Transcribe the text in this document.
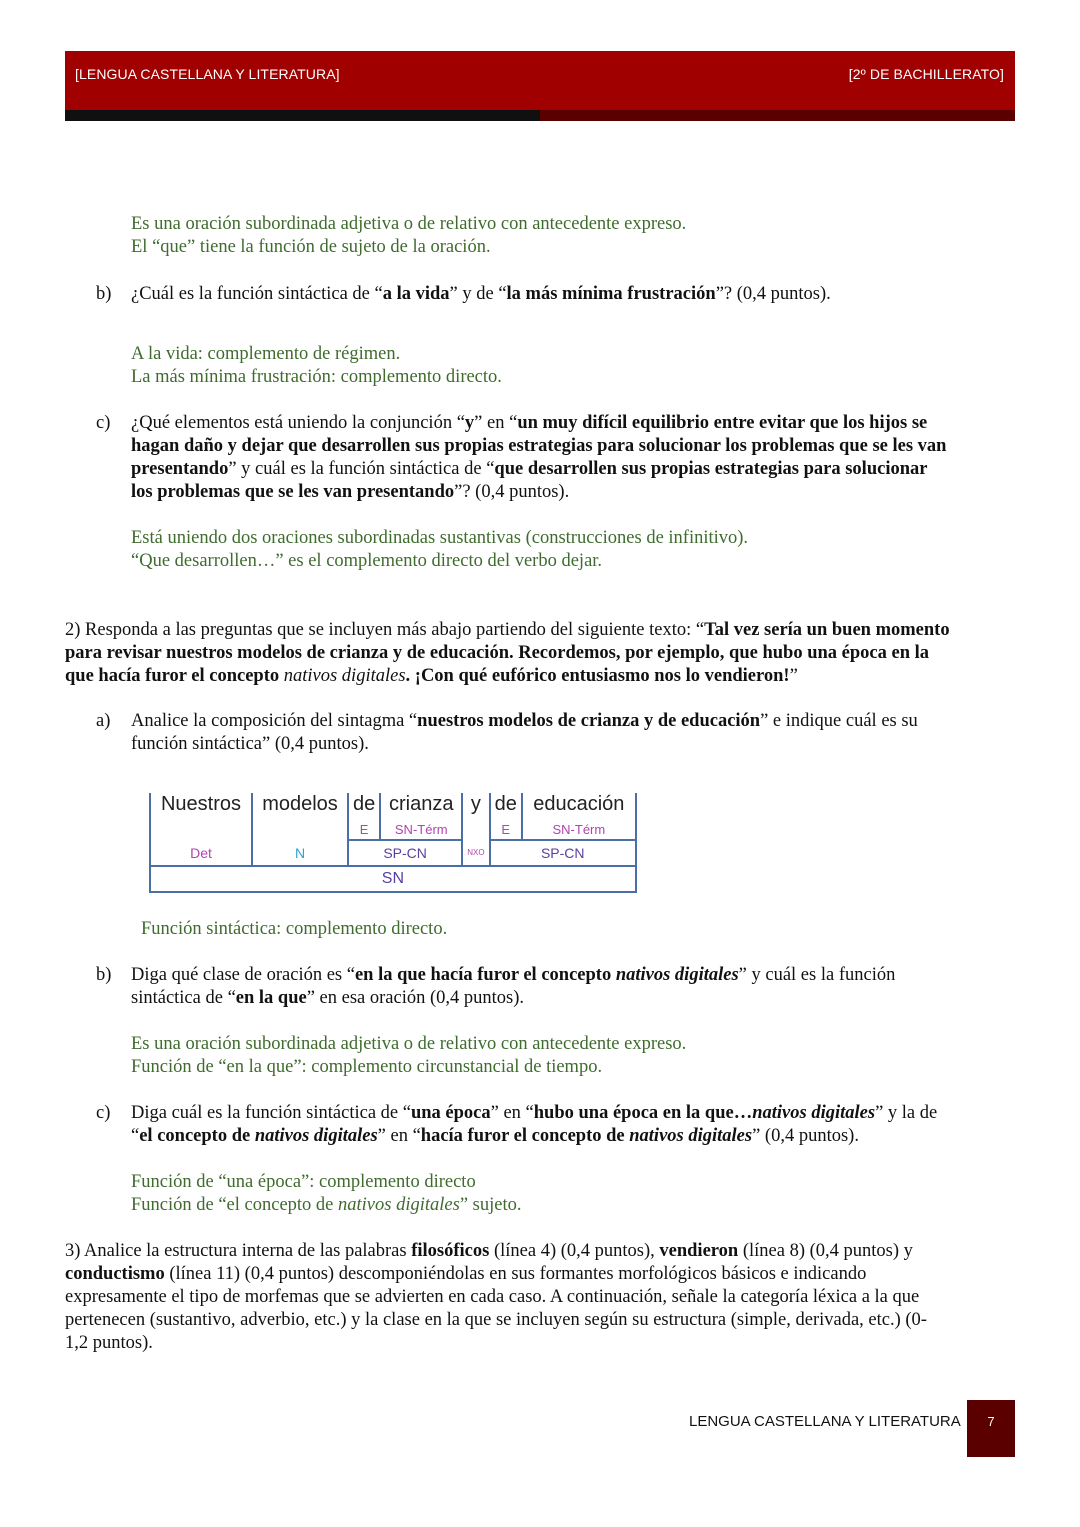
[LENGUA CASTELLANA Y LITERATURA]	[2º DE BACHILLERATO]
Es una oración subordinada adjetiva o de relativo con antecedente expreso.
El “que” tiene la función de sujeto de la oración.
b) ¿Cuál es la función sintáctica de “a la vida” y de “la más mínima frustración”? (0,4 puntos).
A la vida: complemento de régimen.
La más mínima frustración: complemento directo.
c) ¿Qué elementos está uniendo la conjunción “y” en “un muy difícil equilibrio entre evitar que los hijos se
hagan daño y dejar que desarrollen sus propias estrategias para solucionar los problemas que se les van
presentando” y cuál es la función sintáctica de “que desarrollen sus propias estrategias para solucionar
los problemas que se les van presentando”? (0,4 puntos).
Está uniendo dos oraciones subordinadas sustantivas (construcciones de infinitivo).
“Que desarrollen…” es el complemento directo del verbo dejar.
2) Responda a las preguntas que se incluyen más abajo partiendo del siguiente texto: “Tal vez sería un buen momento
para revisar nuestros modelos de crianza y de educación. Recordemos, por ejemplo, que hubo una época en la
que hacía furor el concepto nativos digitales. ¡Con qué eufórico entusiasmo nos lo vendieron!”
a) Analice la composición del sintagma “nuestros modelos de crianza y de educación” e indique cuál es su
función sintáctica” (0,4 puntos).
Nuestros	modelos	de	crianza	y	de	educación
		E	SN-Térm		E	SN-Térm
Det	N	SP-CN		NXO	SP-CN	
SN						
Función sintáctica: complemento directo.
b) Diga qué clase de oración es “en la que hacía furor el concepto nativos digitales” y cuál es la función
sintáctica de “en la que” en esa oración (0,4 puntos).
Es una oración subordinada adjetiva o de relativo con antecedente expreso.
Función de “en la que”: complemento circunstancial de tiempo.
c) Diga cuál es la función sintáctica de “una época” en “hubo una época en la que…nativos digitales” y la de
“el concepto de nativos digitales” en “hacía furor el concepto de nativos digitales” (0,4 puntos).
Función de “una época”: complemento directo
Función de “el concepto de nativos digitales” sujeto.
3) Analice la estructura interna de las palabras filosóficos (línea 4) (0,4 puntos), vendieron (línea 8) (0,4 puntos) y
conductismo (línea 11) (0,4 puntos) descomponiéndolas en sus formantes morfológicos básicos e indicando
expresamente el tipo de morfemas que se advierten en cada caso. A continuación, señale la categoría léxica a la que
pertenecen (sustantivo, adverbio, etc.) y la clase en la que se incluyen según su estructura (simple, derivada, etc.) (0-
1,2 puntos).
LENGUA CASTELLANA Y LITERATURA	7
